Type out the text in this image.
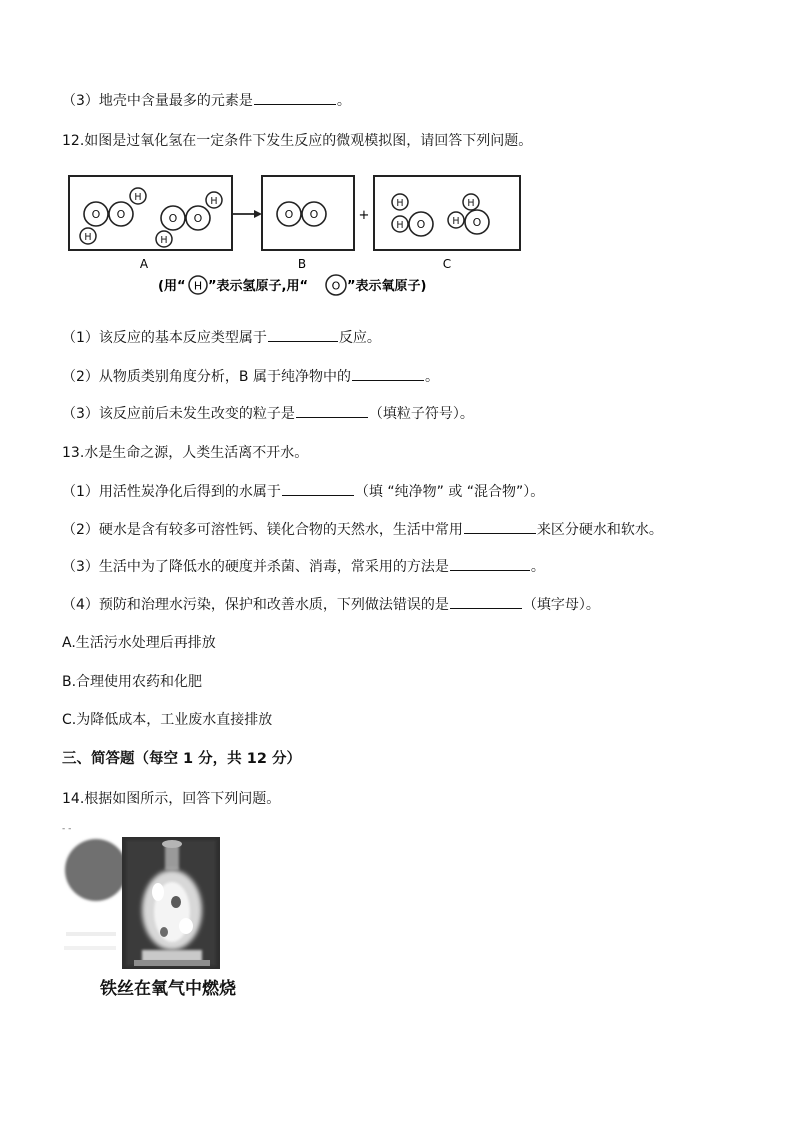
（3）地壳中含量最多的元素是	。
12.如图是过氧化氢在一定条件下发生反应的微观模拟图，请回答下列问题。
O O
H
H
O O
H
H
O O
H
H O
H
H O
+
A	B	C
(用“ H ”表示氢原子,用“ O ”表示氧原子)
（1）该反应的基本反应类型属于	反应。
（2）从物质类别角度分析，B 属于纯净物中的	。
（3）该反应前后未发生改变的粒子是	（填粒子符号）。
13.水是生命之源，人类生活离不开水。
（1）用活性炭净化后得到的水属于	（填 “纯净物” 或 “混合物”）。
（2）硬水是含有较多可溶性钙、镁化合物的天然水，生活中常用	来区分硬水和软水。
（3）生活中为了降低水的硬度并杀菌、消毒，常采用的方法是	。
（4）预防和治理水污染，保护和改善水质，下列做法错误的是	（填字母）。
A.生活污水处理后再排放
B.合理使用农药和化肥
C.为降低成本，工业废水直接排放
三、简答题（每空 1 分，共 12 分）
14.根据如图所示，回答下列问题。
- -
铁丝在氧气中燃烧
